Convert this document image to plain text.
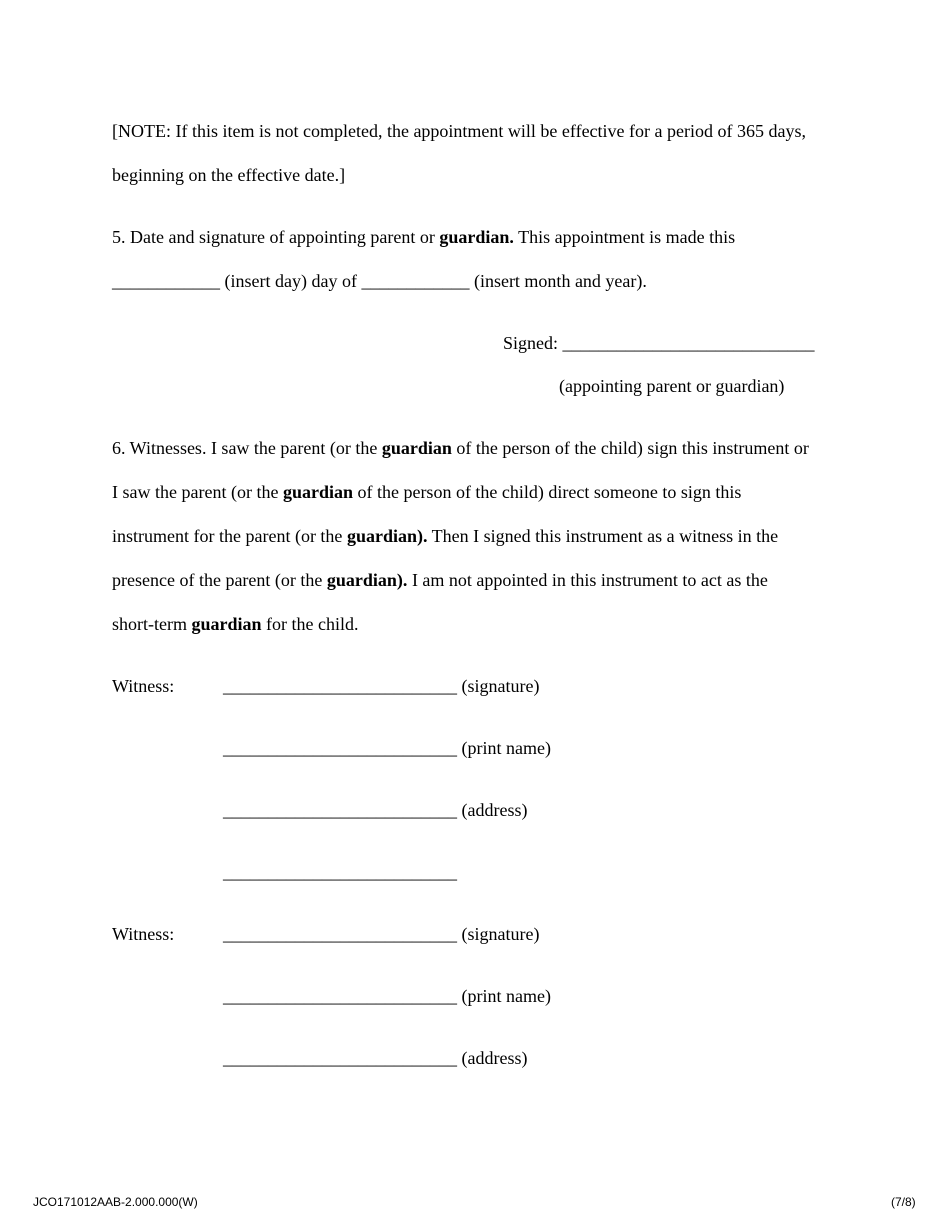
[NOTE: If this item is not completed, the appointment will be effective for a period of 365 days,
beginning on the effective date.]
5. Date and signature of appointing parent or guardian. This appointment is made this
____________ (insert day) day of ____________ (insert month and year).
Signed: ____________________________
(appointing parent or guardian)
6. Witnesses. I saw the parent (or the guardian of the person of the child) sign this instrument or
I saw the parent (or the guardian of the person of the child) direct someone to sign this
instrument for the parent (or the guardian). Then I signed this instrument as a witness in the
presence of the parent (or the guardian). I am not appointed in this instrument to act as the
short-term guardian for the child.
Witness:	__________________________ (signature)
__________________________ (print name)
__________________________ (address)
__________________________
Witness:	__________________________ (signature)
__________________________ (print name)
__________________________ (address)
JCO171012AAB-2.000.000(W)	(7/8)
